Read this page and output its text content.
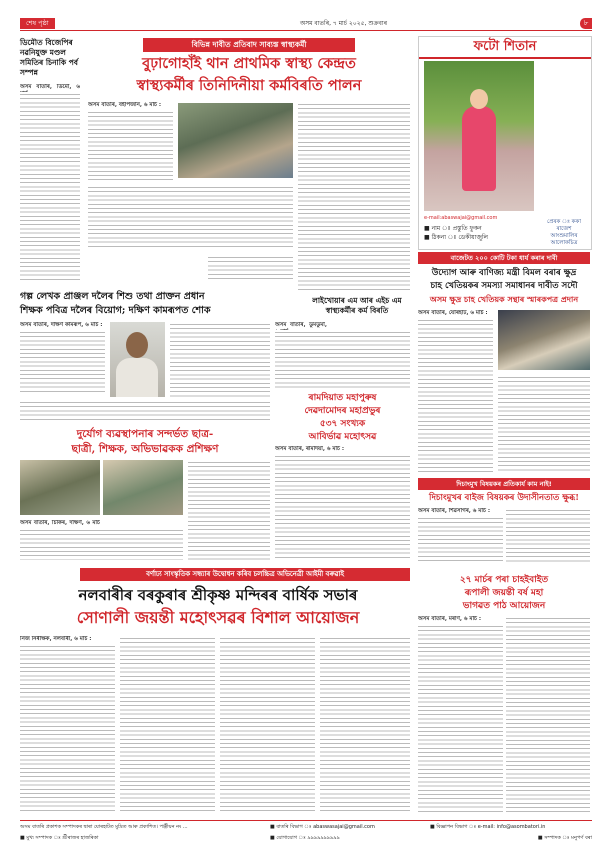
শেষ পৃষ্ঠা	অসম বাতৰি, ৭ মাৰ্চ ২০২৫, শুক্ৰবাৰ	৮
ডিমৌত বিজেপিৰ নৱনিযুক্ত মণ্ডল সমিতিৰ চিনাকি পৰ্ব সম্পন্ন
অসম বাতৰি, ডিমৌ, ৬
বিভিন্ন দাবীত প্ৰতিবাদ সাব্যস্ত স্বাস্থ্যকৰ্মী
বুঢ়াগোহাঁই থান প্ৰাথমিক স্বাস্থ্য কেন্দ্ৰত
স্বাস্থ্যকৰ্মীৰ তিনিদিনীয়া কৰ্মবিৰতি পালন
অসম বাতৰি, বৰ্হাপজান, ৬ মাৰ্চ :
ফটো শিতান
e-mail:abaswajai@gmail.com
■ নাম ঃ প্ৰস্তুতি ফুকন
■ ঠিকনা ঃ ডেকীয়াজুলি
প্ৰেৰক ঃ ককা
ৰাজেশ
আংশুমালিৰ
আলোকচিত্ৰ
গল্প লেখক প্ৰাঞ্জল দলৈৰ শিশু তথা প্ৰাক্তন প্ৰধান
শিক্ষক পবিত্ৰ দলৈৰ বিয়োগ; দক্ষিণ কামৰূপত শোক
অসম বাতৰি, দক্ষিণ কামৰূপ, ৬ মাৰ্চ :
লাইখোয়াৰ এম আৰ এইচ এম স্বাস্থ্যকৰ্মীৰ কৰ্ম বিৰতি
অসম বাতৰি, ডুমডুমা,
ৰামদিয়াত মহাপুৰুষ
দেৱদামোদৰ মহাপ্ৰভুৰ
৫৩৭ সংখ্যক
আবিৰ্ভাৱ মহোৎসৱ
অসম বাতৰি, ৰামদিয়া, ৬ মাৰ্চ :
বাজেটত ২০০ কোটি টকা ধাৰ্য কৰাৰ দাবী
উদ্যোগ আৰু বাণিজ্য মন্ত্ৰী বিমল বৰাৰ ক্ষুদ্ৰ
চাহ খেতিয়কৰ সমস্যা সমাধানৰ দাবীত সদৌ
অসম ক্ষুদ্ৰ চাহ খেতিয়ক সন্থাৰ স্মাৰকপত্ৰ প্ৰদান
অসম বাতৰি, যোৰহাট, ৬ মাৰ্চ :
দুৰ্যোগ ব্যৱস্থাপনাৰ সন্দৰ্ভত ছাত্ৰ-
ছাত্ৰী, শিক্ষক, অভিভাৱকক প্ৰশিক্ষণ
অসম বাতৰি, চিকিৰ, দক্ষিণ, ৬ মাৰ্চ
দিচাংমুখ বিষয়কৰ প্ৰতিকাৰ্য কাম নাই!
দিচাংমুখৰ বাইজ বিষয়কৰ উদাসীনতাত ক্ষুব্ধ!
অসম বাতৰি, শিৱসাগৰ, ৬ মাৰ্চ :
বৰ্ণাঢ্য সাংস্কৃতিক সন্ধ্যাৰ উদ্বোধন কৰিব চলচ্চিত্ৰ অভিনেত্ৰী আইমী বৰুৱাই
নলবাৰীৰ বৰকুৰাৰ শ্ৰীকৃষ্ণ মন্দিৰৰ বাৰ্ষিক সভাৰ
সোণালী জয়ন্তী মহোৎসৱৰ বিশাল আয়োজন
নিজ নিৰীক্ষক, নলবাৰী, ৬ মাৰ্চ :
২৭ মাৰ্চৰ পৰা চাহইবাইত
ৰূপালী জয়ন্তী বৰ্ষ মহা
ভাগৱত পাঠ আয়োজন
অসম বাতৰি, মৰাণ, ৬ মাৰ্চ :
অসম বাতৰি প্ৰকাশক সম্পাদকৰ দ্বাৰা যোৰহাটত মুদ্ৰিত আৰু প্ৰকাশিত। পঞ্জীয়ন নং ...	■ বাতৰি বিভাগ ঃ abaswasajai@gmail.com	■ বিজ্ঞাপন বিভাগ ঃ e-mail: info@asombatori.in
■ মুখ্য সম্পাদক ঃ শ্ৰীৰাজৰ হাজৰিকা	■ যোগাযোগ ঃ ৯৯৯৯৯৯৯৯৯৯	■ সম্পাদক ঃ মনুপৰ্ণ বৰা
